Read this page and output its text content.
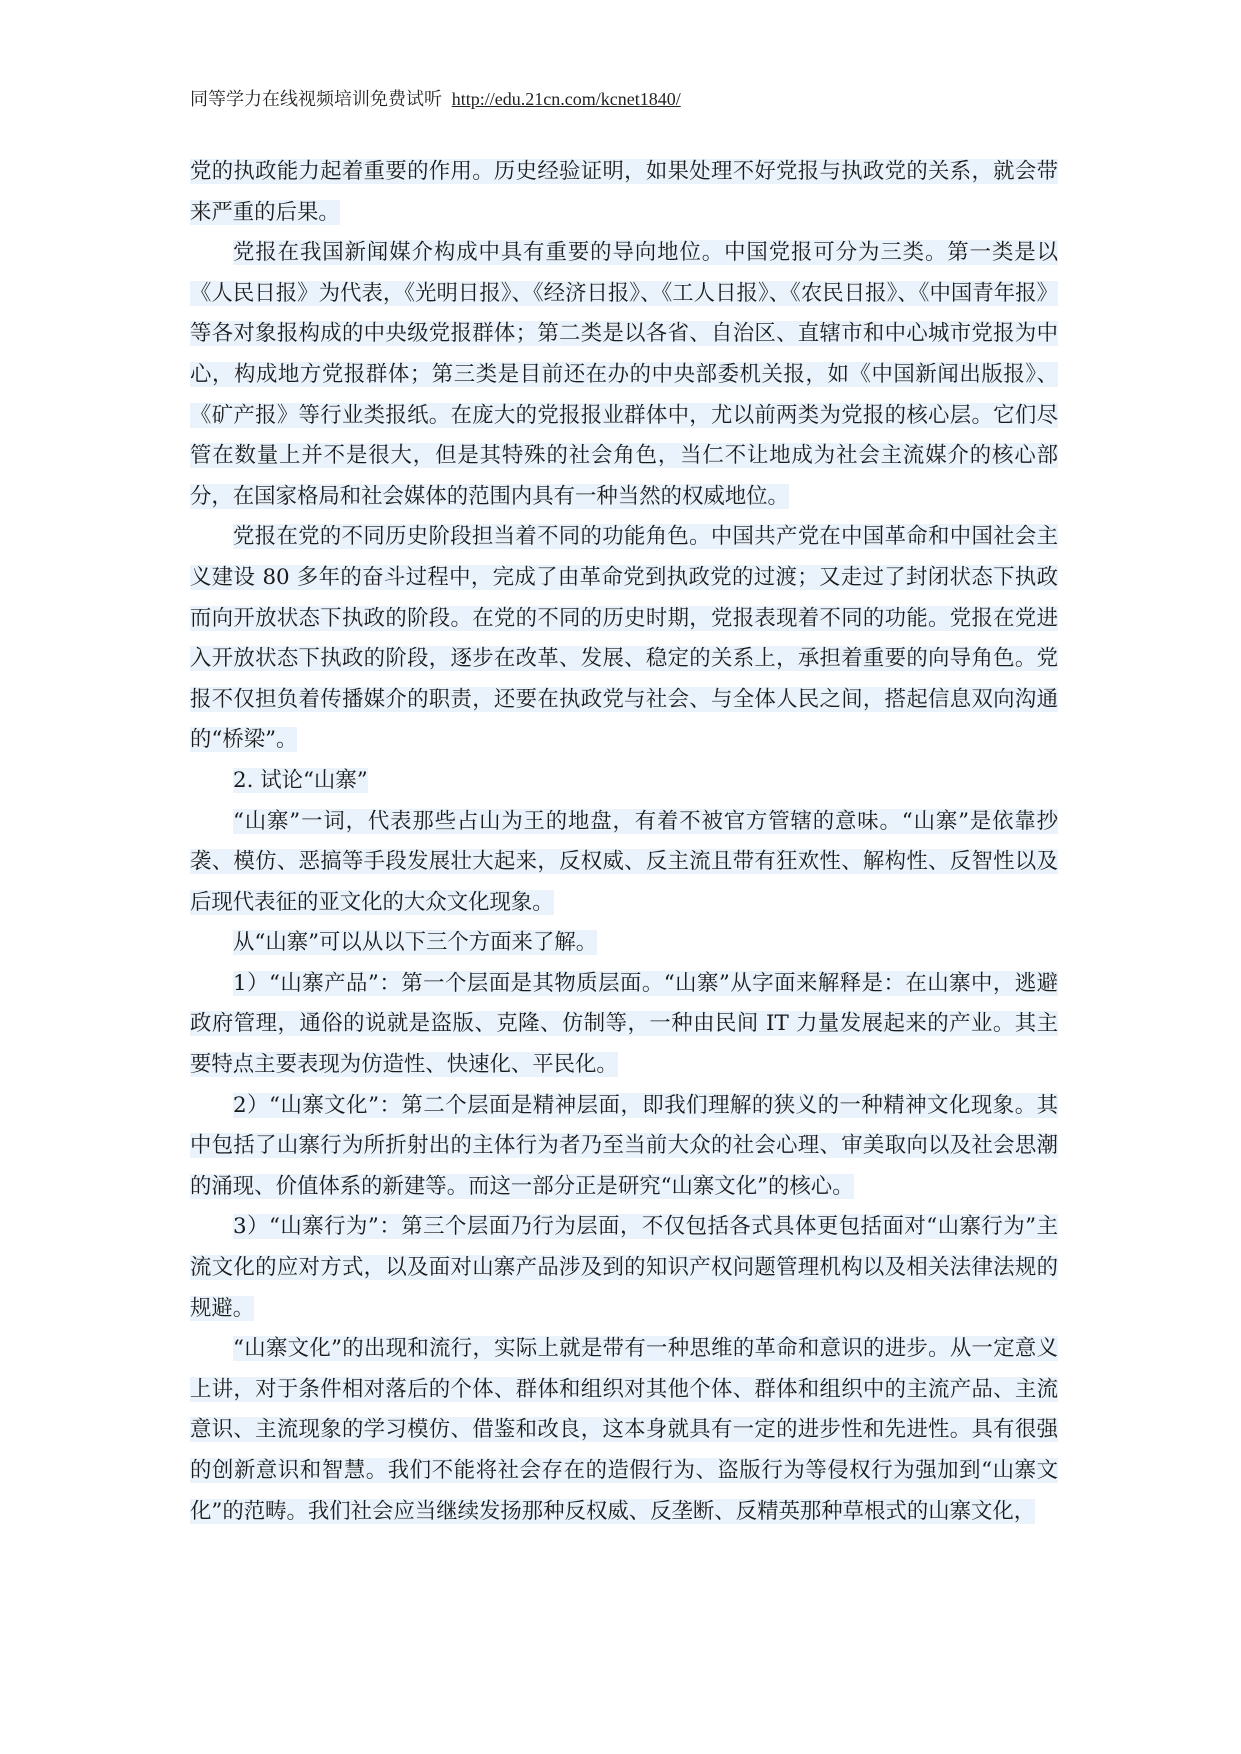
同等学力在线视频培训免费试听 http://edu.21cn.com/kcnet1840/

党的执政能力起着重要的作用。历史经验证明，如果处理不好党报与执政党的关系，就会带来严重的后果。

党报在我国新闻媒介构成中具有重要的导向地位。中国党报可分为三类。第一类是以《人民日报》为代表，《光明日报》、《经济日报》、《工人日报》、《农民日报》、《中国青年报》等各对象报构成的中央级党报群体；第二类是以各省、自治区、直辖市和中心城市党报为中心，构成地方党报群体；第三类是目前还在办的中央部委机关报，如《中国新闻出版报》、《矿产报》等行业类报纸。在庞大的党报报业群体中，尤以前两类为党报的核心层。它们尽管在数量上并不是很大，但是其特殊的社会角色，当仁不让地成为社会主流媒介的核心部分，在国家格局和社会媒体的范围内具有一种当然的权威地位。

党报在党的不同历史阶段担当着不同的功能角色。中国共产党在中国革命和中国社会主义建设 80 多年的奋斗过程中，完成了由革命党到执政党的过渡；又走过了封闭状态下执政而向开放状态下执政的阶段。在党的不同的历史时期，党报表现着不同的功能。党报在党进入开放状态下执政的阶段，逐步在改革、发展、稳定的关系上，承担着重要的向导角色。党报不仅担负着传播媒介的职责，还要在执政党与社会、与全体人民之间，搭起信息双向沟通的“桥梁”。

2. 试论“山寨”

“山寨”一词，代表那些占山为王的地盘，有着不被官方管辖的意味。“山寨”是依靠抄袭、模仿、恶搞等手段发展壮大起来，反权威、反主流且带有狂欢性、解构性、反智性以及后现代表征的亚文化的大众文化现象。

从“山寨”可以从以下三个方面来了解。

1）“山寨产品”：第一个层面是其物质层面。“山寨”从字面来解释是：在山寨中，逃避政府管理，通俗的说就是盗版、克隆、仿制等，一种由民间 IT 力量发展起来的产业。其主要特点主要表现为仿造性、快速化、平民化。

2）“山寨文化”：第二个层面是精神层面，即我们理解的狭义的一种精神文化现象。其中包括了山寨行为所折射出的主体行为者乃至当前大众的社会心理、审美取向以及社会思潮的涌现、价值体系的新建等。而这一部分正是研究“山寨文化”的核心。

3）“山寨行为”：第三个层面乃行为层面，不仅包括各式具体更包括面对“山寨行为”主流文化的应对方式，以及面对山寨产品涉及到的知识产权问题管理机构以及相关法律法规的规避。

“山寨文化”的出现和流行，实际上就是带有一种思维的革命和意识的进步。从一定意义上讲，对于条件相对落后的个体、群体和组织对其他个体、群体和组织中的主流产品、主流意识、主流现象的学习模仿、借鉴和改良，这本身就具有一定的进步性和先进性。具有很强的创新意识和智慧。我们不能将社会存在的造假行为、盗版行为等侵权行为强加到“山寨文化”的范畴。我们社会应当继续发扬那种反权威、反垄断、反精英那种草根式的山寨文化，
